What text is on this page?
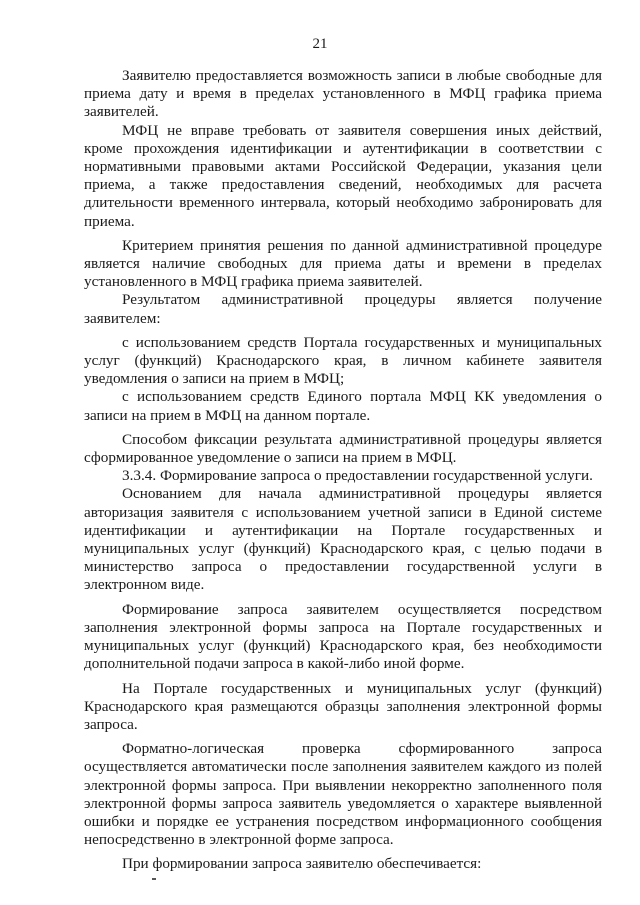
21

Заявителю предоставляется возможность записи в любые свободные для приема дату и время в пределах установленного в МФЦ графика приема заявителей.

МФЦ не вправе требовать от заявителя совершения иных действий, кроме прохождения идентификации и аутентификации в соответствии с нормативными правовыми актами Российской Федерации, указания цели приема, а также предоставления сведений, необходимых для расчета длительности временного интервала, который необходимо забронировать для приема.

Критерием принятия решения по данной административной процедуре является наличие свободных для приема даты и времени в пределах установленного в МФЦ графика приема заявителей.

Результатом административной процедуры является получение заявителем:

с использованием средств Портала государственных и муниципальных услуг (функций) Краснодарского края, в личном кабинете заявителя уведомления о записи на прием в МФЦ;

с использованием средств Единого портала МФЦ КК уведомления о записи на прием в МФЦ на данном портале.

Способом фиксации результата административной процедуры является сформированное уведомление о записи на прием в МФЦ.

3.3.4. Формирование запроса о предоставлении государственной услуги.

Основанием для начала административной процедуры является авторизация заявителя с использованием учетной записи в Единой системе идентификации и аутентификации на Портале государственных и муниципальных услуг (функций) Краснодарского края, с целью подачи в министерство запроса о предоставлении государственной услуги в электронном виде.

Формирование запроса заявителем осуществляется посредством заполнения электронной формы запроса на Портале государственных и муниципальных услуг (функций) Краснодарского края, без необходимости дополнительной подачи запроса в какой-либо иной форме.

На Портале государственных и муниципальных услуг (функций) Краснодарского края размещаются образцы заполнения электронной формы запроса.

Форматно-логическая проверка сформированного запроса осуществляется автоматически после заполнения заявителем каждого из полей электронной формы запроса. При выявлении некорректно заполненного поля электронной формы запроса заявитель уведомляется о характере выявленной ошибки и порядке ее устранения посредством информационного сообщения непосредственно в электронной форме запроса.

При формировании запроса заявителю обеспечивается:
